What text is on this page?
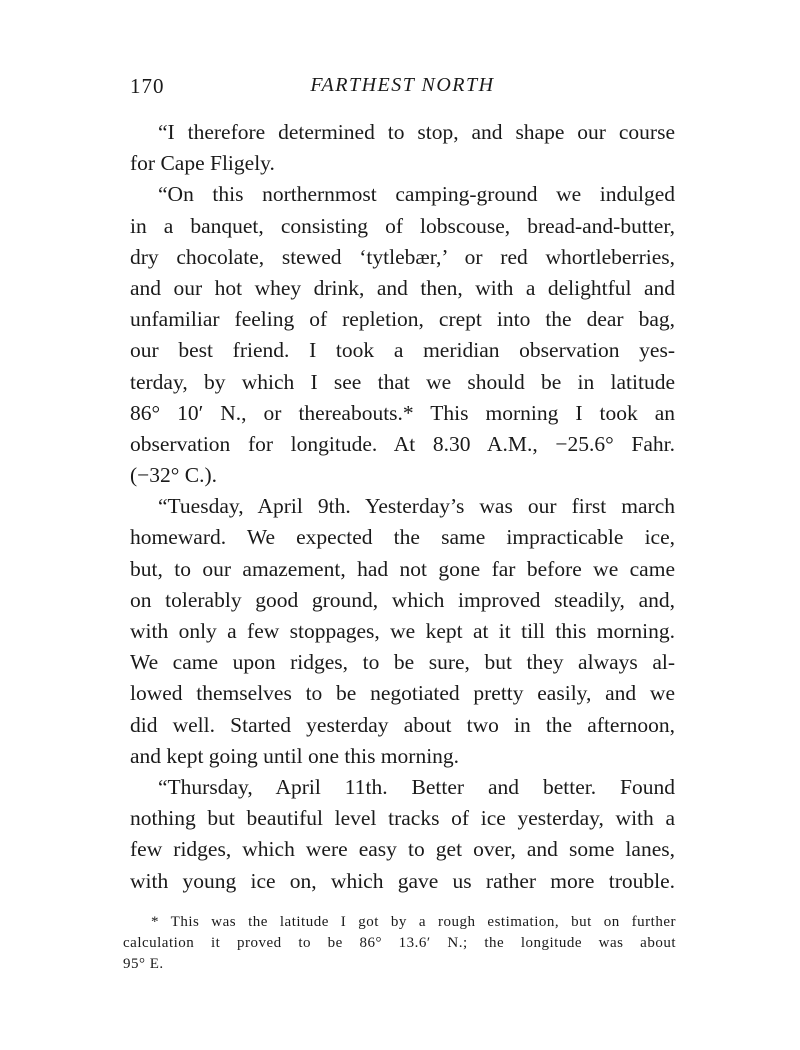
170	FARTHEST NORTH
“I therefore determined to stop, and shape our course
for Cape Fligely.
“On this northernmost camping-ground we indulged
in a banquet, consisting of lobscouse, bread-and-butter,
dry chocolate, stewed ‘tytlebær,’ or red whortleberries,
and our hot whey drink, and then, with a delightful and
unfamiliar feeling of repletion, crept into the dear bag,
our best friend. I took a meridian observation yes-
terday, by which I see that we should be in latitude
86° 10′ N., or thereabouts.* This morning I took an
observation for longitude. At 8.30 A.M., −25.6° Fahr.
(−32° C.).
“Tuesday, April 9th. Yesterday’s was our first march
homeward. We expected the same impracticable ice,
but, to our amazement, had not gone far before we came
on tolerably good ground, which improved steadily, and,
with only a few stoppages, we kept at it till this morning.
We came upon ridges, to be sure, but they always al-
lowed themselves to be negotiated pretty easily, and we
did well. Started yesterday about two in the afternoon,
and kept going until one this morning.
“Thursday, April 11th. Better and better. Found
nothing but beautiful level tracks of ice yesterday, with a
few ridges, which were easy to get over, and some lanes,
with young ice on, which gave us rather more trouble.
* This was the latitude I got by a rough estimation, but on further
calculation it proved to be 86° 13.6′ N.; the longitude was about
95° E.
